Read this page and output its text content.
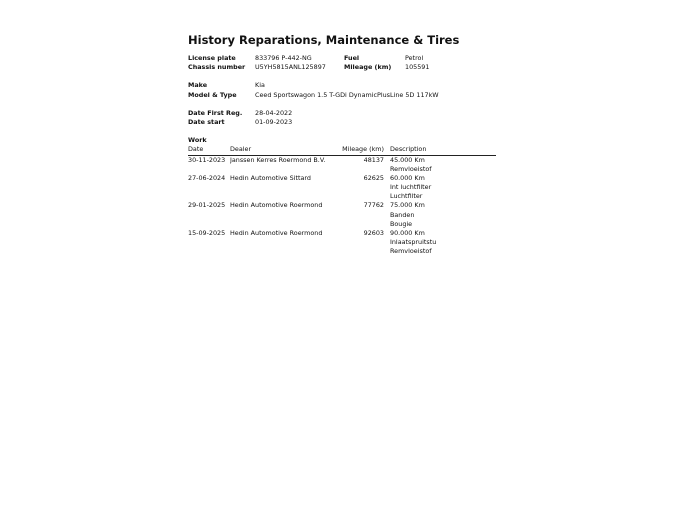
History Reparations, Maintenance & Tires
License plate	833796 P-442-NG	Fuel	Petrol
Chassis number U5YH5815ANL125897	Mileage (km) 105591
Make	Kia
Model & Type	Ceed Sportswagon 1.5 T-GDi DynamicPlusLine 5D 117kW
Date First Reg. 28-04-2022
Date start	01-09-2023
Work
Date	Dealer	Mileage (km)	Description
30-11-2023	Janssen Kerres Roermond B.V.	48137	45.000 Km
Remvloeistof

27-06-2024	Hedin Automotive Sittard	62625	60.000 Km
Int luchtfilter
Luchtfilter

29-01-2025	Hedin Automotive Roermond	77762	75.000 Km
Banden
Bougie

15-09-2025	Hedin Automotive Roermond	92603	90.000 Km
Inlaatspruitstu
Remvloeistof
